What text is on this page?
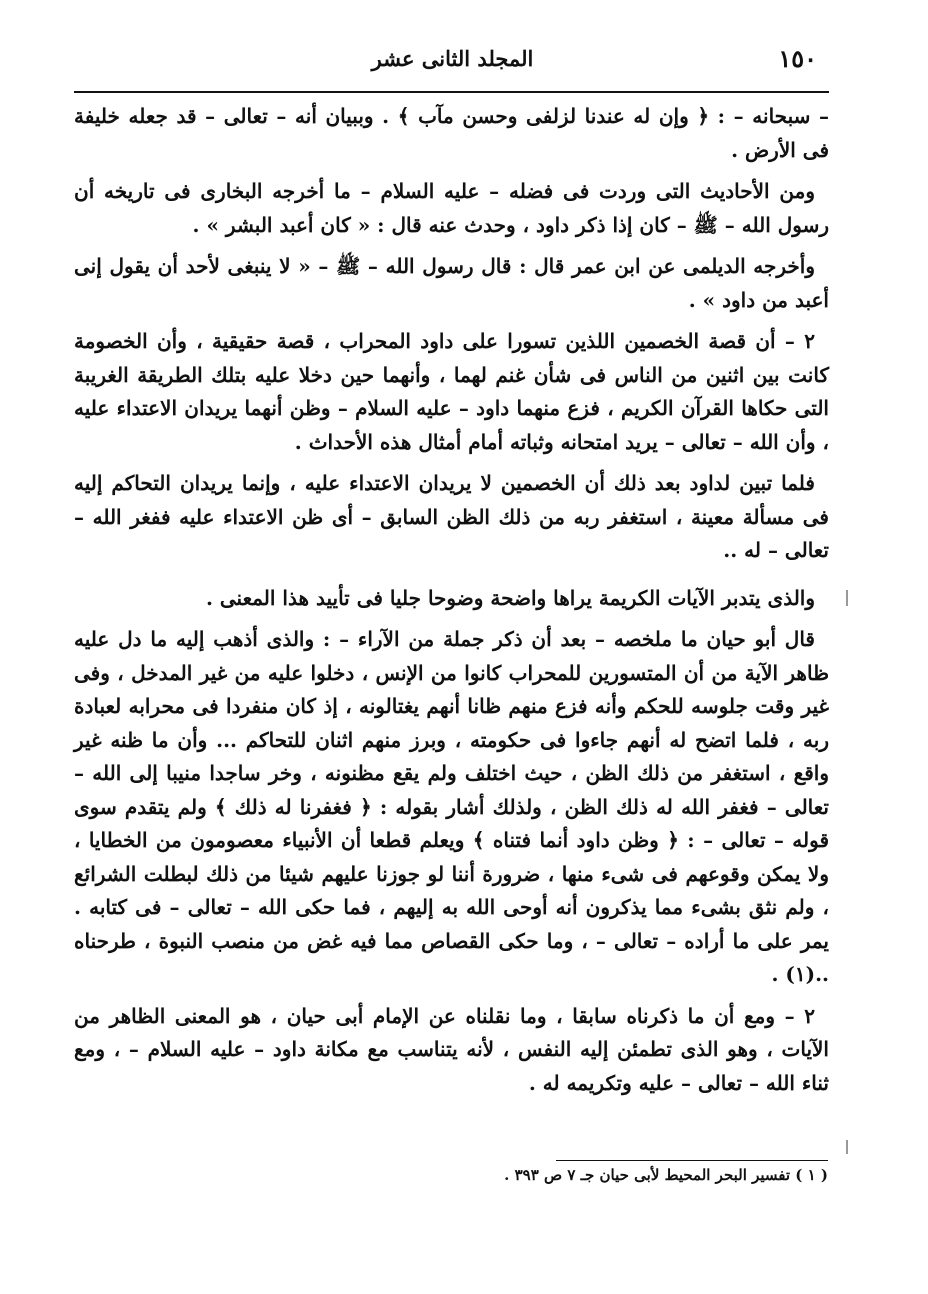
١٥٠
المجلد الثانى عشر

– سبحانه – : ﴿ وإن له عندنا لزلفى وحسن مآب ﴾ . وببيان أنه – تعالى – قد جعله خليفة فى الأرض .

ومن الأحاديث التى وردت فى فضله – عليه السلام – ما أخرجه البخارى فى تاريخه أن رسول الله – ﷺ – كان إذا ذكر داود ، وحدث عنه قال : « كان أعبد البشر » .

وأخرجه الديلمى عن ابن عمر قال : قال رسول الله – ﷺ – « لا ينبغى لأحد أن يقول إنى أعبد من داود » .

٢ – أن قصة الخصمين اللذين تسورا على داود المحراب ، قصة حقيقية ، وأن الخصومة كانت بين اثنين من الناس فى شأن غنم لهما ، وأنهما حين دخلا عليه بتلك الطريقة الغريبة التى حكاها القرآن الكريم ، فزع منهما داود – عليه السلام – وظن أنهما يريدان الاعتداء عليه ، وأن الله – تعالى – يريد امتحانه وثباته أمام أمثال هذه الأحداث .

فلما تبين لداود بعد ذلك أن الخصمين لا يريدان الاعتداء عليه ، وإنما يريدان التحاكم إليه فى مسألة معينة ، استغفر ربه من ذلك الظن السابق – أى ظن الاعتداء عليه ففغر الله – تعالى – له ..

والذى يتدبر الآيات الكريمة يراها واضحة وضوحا جليا فى تأييد هذا المعنى .

قال أبو حيان ما ملخصه – بعد أن ذكر جملة من الآراء – : والذى أذهب إليه ما دل عليه ظاهر الآية من أن المتسورين للمحراب كانوا من الإنس ، دخلوا عليه من غير المدخل ، وفى غير وقت جلوسه للحكم وأنه فزع منهم ظانا أنهم يغتالونه ، إذ كان منفردا فى محرابه لعبادة ربه ، فلما اتضح له أنهم جاءوا فى حكومته ، وبرز منهم اثنان للتحاكم ... وأن ما ظنه غير واقع ، استغفر من ذلك الظن ، حيث اختلف ولم يقع مظنونه ، وخر ساجدا منيبا إلى الله – تعالى – فغفر الله له ذلك الظن ، ولذلك أشار بقوله : ﴿ فغفرنا له ذلك ﴾ ولم يتقدم سوى قوله – تعالى – : ﴿ وظن داود أنما فتناه ﴾ ويعلم قطعا أن الأنبياء معصومون من الخطايا ، ولا يمكن وقوعهم فى شىء منها ، ضرورة أننا لو جوزنا عليهم شيئا من ذلك لبطلت الشرائع ، ولم نثق بشىء مما يذكرون أنه أوحى الله به إليهم ، فما حكى الله – تعالى – فى كتابه . يمر على ما أراده – تعالى – ، وما حكى القصاص مما فيه غض من منصب النبوة ، طرحناه ..(١) .

٢ – ومع أن ما ذكرناه سابقا ، وما نقلناه عن الإمام أبى حيان ، هو المعنى الظاهر من الآيات ، وهو الذى تطمئن إليه النفس ، لأنه يتناسب مع مكانة داود – عليه السلام – ، ومع ثناء الله – تعالى – عليه وتكريمه له .

( ١ ) تفسير البحر المحيط لأبى حيان جـ ٧ ص ٣٩٣ .
